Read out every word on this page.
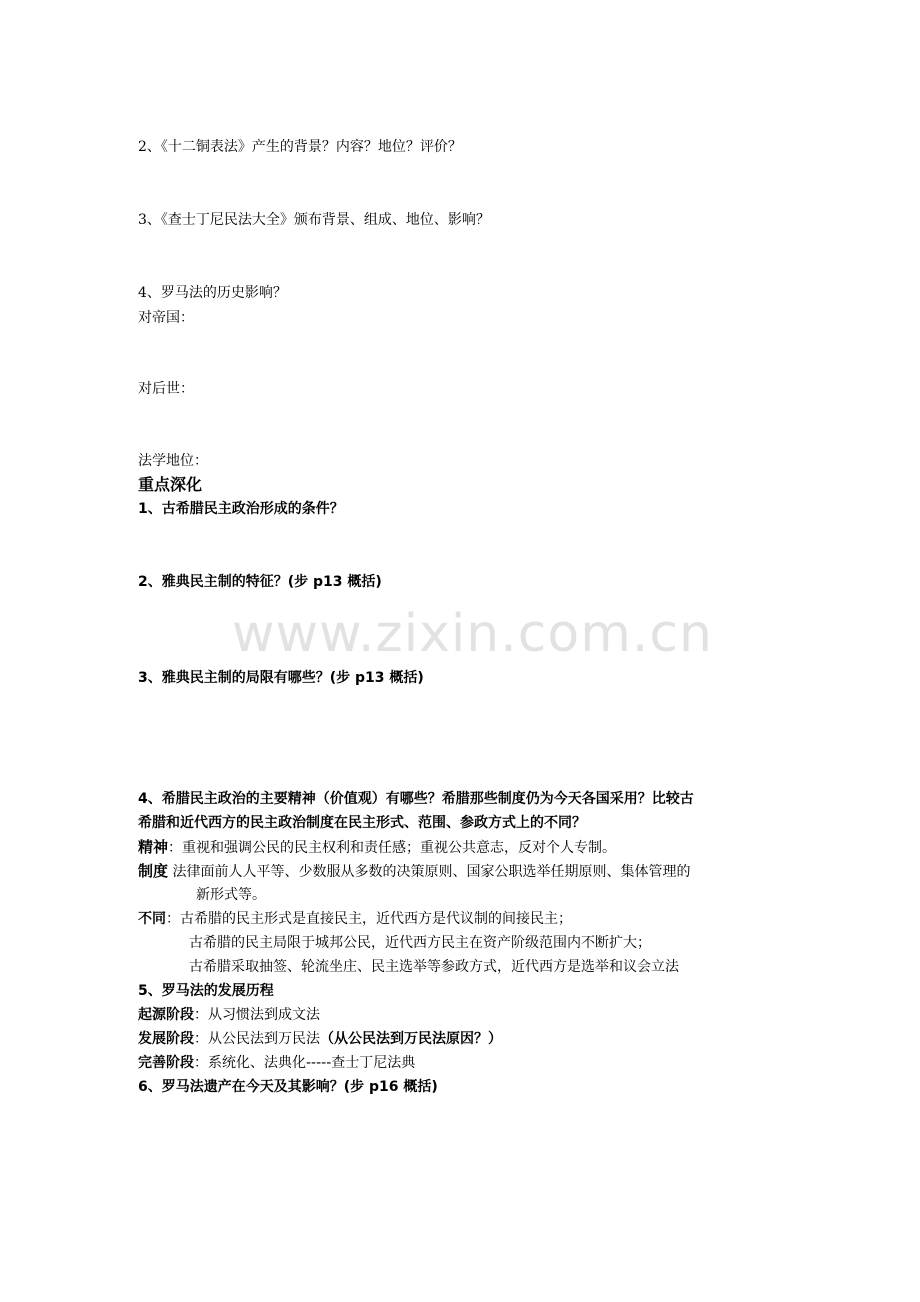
www.zixin.com.cn
2、《十二铜表法》产生的背景？内容？地位？评价？
3、《查士丁尼民法大全》颁布背景、组成、地位、影响？
4、罗马法的历史影响？
对帝国：
对后世：
法学地位：
重点深化
1、古希腊民主政治形成的条件？
2、雅典民主制的特征？(步 p13 概括)
3、雅典民主制的局限有哪些？(步 p13 概括)
4、希腊民主政治的主要精神（价值观）有哪些？希腊那些制度仍为今天各国采用？比较古
希腊和近代西方的民主政治制度在民主形式、范围、参政方式上的不同？
精神：重视和强调公民的民主权利和责任感；重视公共意志，反对个人专制。
制度 法律面前人人平等、少数服从多数的决策原则、国家公职选举任期原则、集体管理的
新形式等。
不同：古希腊的民主形式是直接民主，近代西方是代议制的间接民主；
古希腊的民主局限于城邦公民，近代西方民主在资产阶级范围内不断扩大；
古希腊采取抽签、轮流坐庄、民主选举等参政方式，近代西方是选举和议会立法
5、罗马法的发展历程
起源阶段：从习惯法到成文法
发展阶段：从公民法到万民法（从公民法到万民法原因？）
完善阶段：系统化、法典化-----查士丁尼法典
6、罗马法遗产在今天及其影响？(步 p16 概括)
